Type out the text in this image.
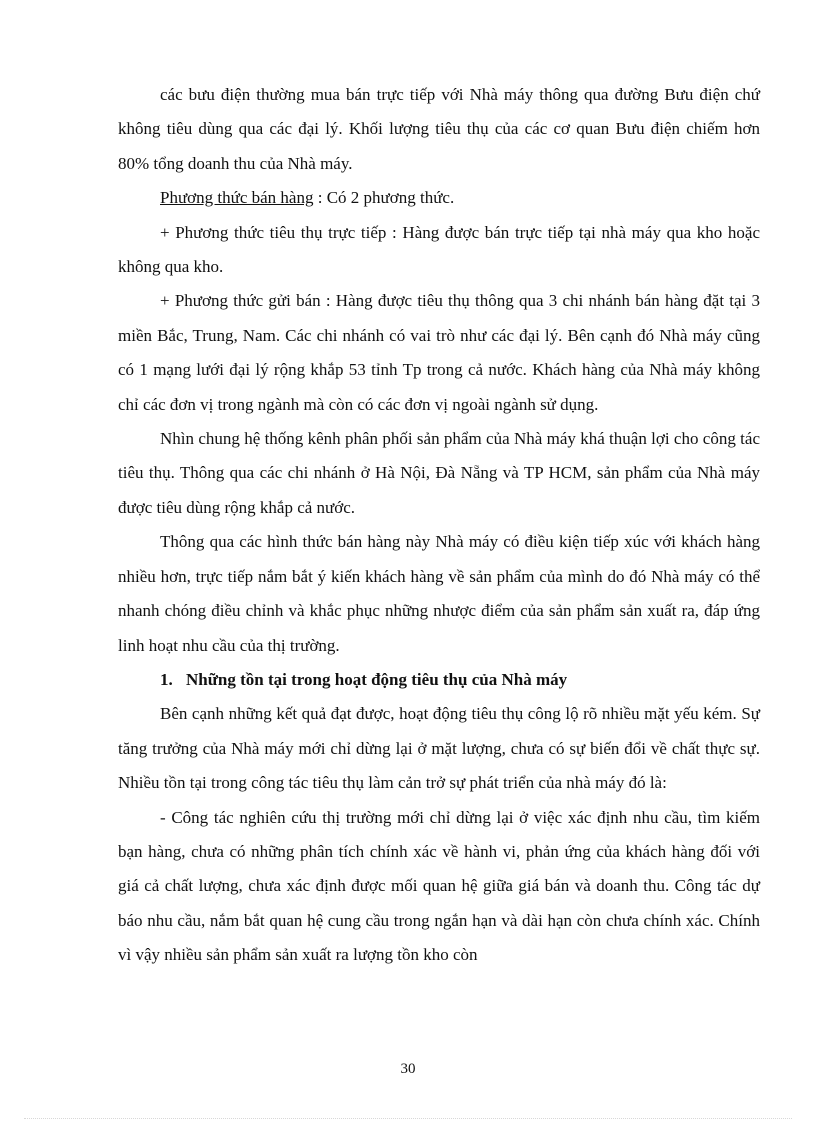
các bưu điện thường mua bán trực tiếp với Nhà máy thông qua đường Bưu điện chứ không tiêu dùng qua các đại lý. Khối lượng tiêu thụ của các cơ quan Bưu điện chiếm hơn 80% tổng doanh thu của Nhà máy.

Phương thức bán hàng : Có 2 phương thức.

+ Phương thức tiêu thụ trực tiếp : Hàng được bán trực tiếp tại nhà máy qua kho hoặc không qua kho.

+ Phương thức gửi bán : Hàng được tiêu thụ thông qua 3 chi nhánh bán hàng đặt tại 3 miền Bắc, Trung, Nam. Các chi nhánh có vai trò như các đại lý. Bên cạnh đó Nhà máy cũng có 1 mạng lưới đại lý rộng khắp 53 tỉnh Tp trong cả nước. Khách hàng của Nhà máy không chỉ các đơn vị trong ngành mà còn có các đơn vị ngoài ngành sử dụng.

Nhìn chung hệ thống kênh phân phối sản phẩm của Nhà máy khá thuận lợi cho công tác tiêu thụ. Thông qua các chi nhánh ở Hà Nội, Đà Nẵng và TP HCM, sản phẩm của Nhà máy được tiêu dùng rộng khắp cả nước.

Thông qua các hình thức bán hàng này Nhà máy có điều kiện tiếp xúc với khách hàng nhiều hơn, trực tiếp nắm bắt ý kiến khách hàng về sản phẩm của mình do đó Nhà máy có thể nhanh chóng điều chỉnh và khắc phục những nhược điểm của sản phẩm sản xuất ra, đáp ứng linh hoạt nhu cầu của thị trường.

1. Những tồn tại trong hoạt động tiêu thụ của Nhà máy

Bên cạnh những kết quả đạt được, hoạt động tiêu thụ công lộ rõ nhiều mặt yếu kém. Sự tăng trưởng của Nhà máy mới chỉ dừng lại ở mặt lượng, chưa có sự biến đổi về chất thực sự. Nhiều tồn tại trong công tác tiêu thụ làm cản trở sự phát triển của nhà máy đó là:

- Công tác nghiên cứu thị trường mới chỉ dừng lại ở việc xác định nhu cầu, tìm kiếm bạn hàng, chưa có những phân tích chính xác về hành vi, phản ứng của khách hàng đối với giá cả chất lượng, chưa xác định được mối quan hệ giữa giá bán và doanh thu. Công tác dự báo nhu cầu, nắm bắt quan hệ cung cầu trong ngắn hạn và dài hạn còn chưa chính xác. Chính vì vậy nhiều sản phẩm sản xuất ra lượng tồn kho còn

30
